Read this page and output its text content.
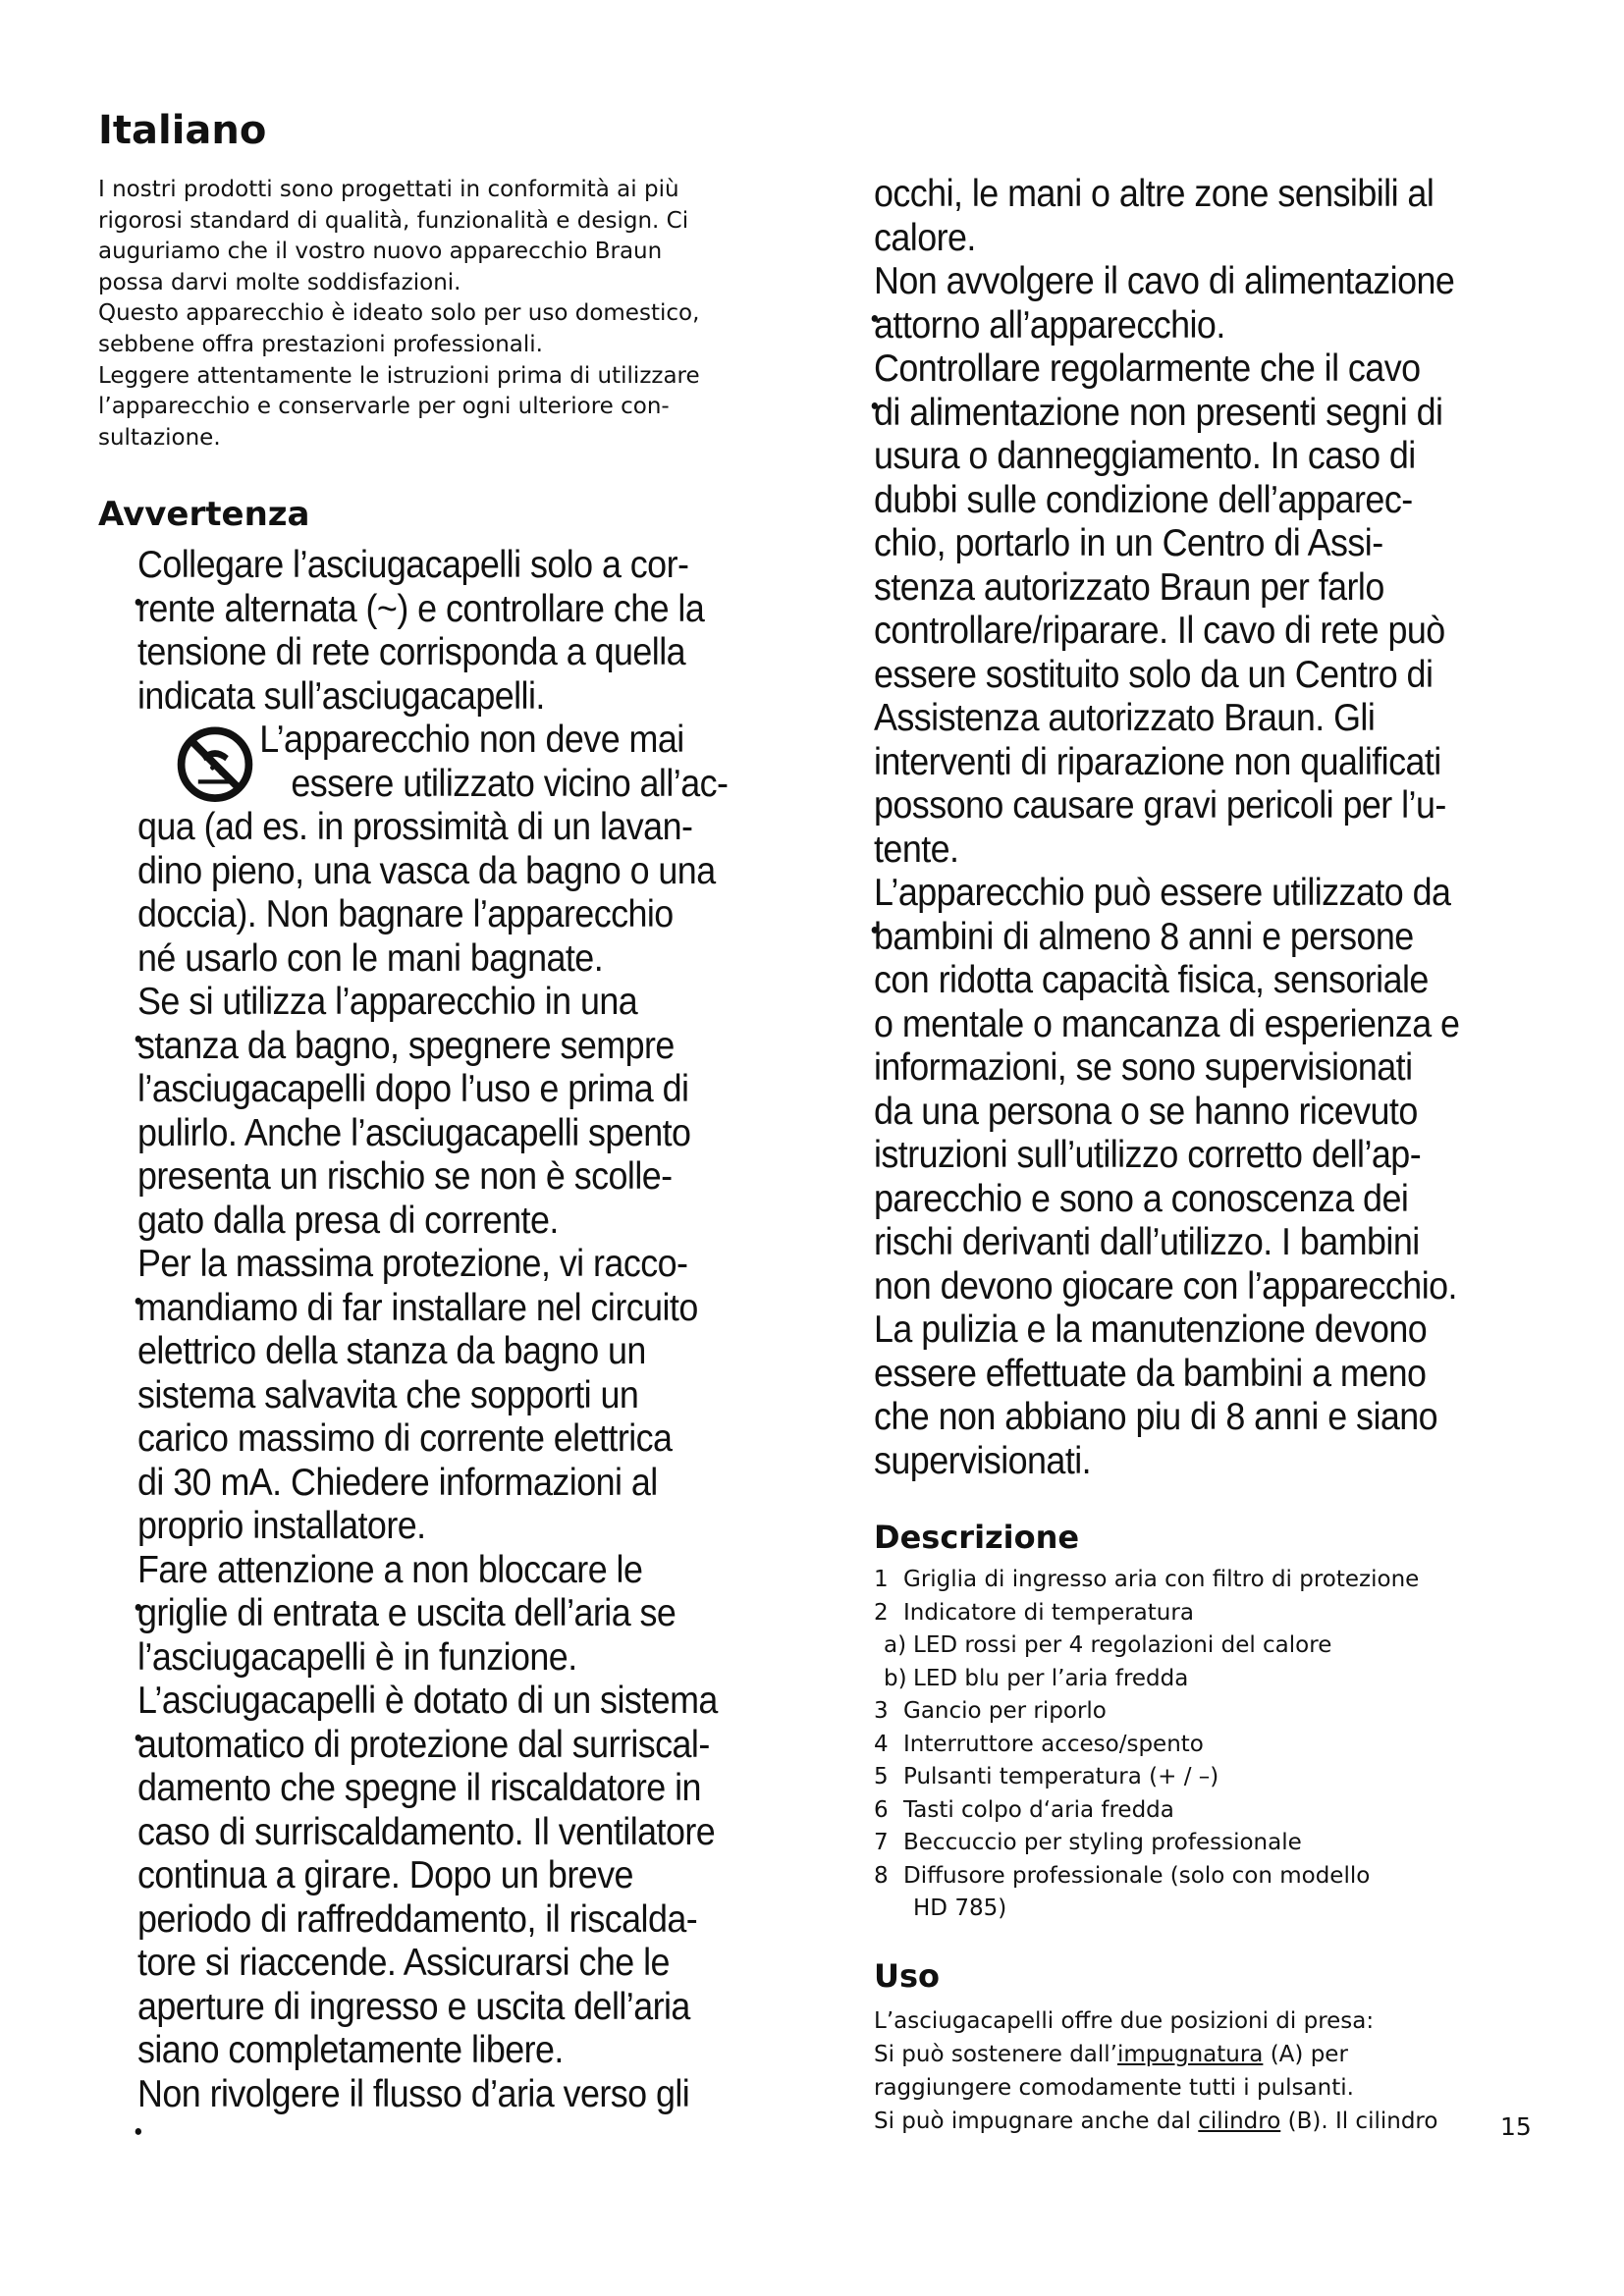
Italiano

I nostri prodotti sono progettati in conformità ai più

rigorosi standard di qualità, funzionalità e design. Ci

auguriamo che il vostro nuovo apparecchio Braun

possa darvi molte soddisfazioni.

Questo apparecchio è ideato solo per uso domestico,

sebbene offra prestazioni professionali.

Leggere attentamente le istruzioni prima di utilizzare

l’apparecchio e conservarle per ogni ulteriore con-

sultazione.

Avvertenza

Collegare l’asciugacapelli solo a cor-

rente alternata (~) e controllare che la

tensione di rete corrisponda a quella

indicata sull’asciugacapelli.

L’apparecchio non deve mai

essere utilizzato vicino all’ac-

qua (ad es. in prossimità di un lavan-

dino pieno, una vasca da bagno o una

doccia). Non bagnare l’apparecchio

né usarlo con le mani bagnate.

Se si utilizza l’apparecchio in una

stanza da bagno, spegnere sempre

l’asciugacapelli dopo l’uso e prima di

pulirlo. Anche l’asciugacapelli spento

presenta un rischio se non è scolle-

gato dalla presa di corrente.

Per la massima protezione, vi racco-

mandiamo di far installare nel circuito

elettrico della stanza da bagno un

sistema salvavita che sopporti un

carico massimo di corrente elettrica

di 30 mA. Chiedere informazioni al

proprio installatore.

Fare attenzione a non bloccare le

griglie di entrata e uscita dell’aria se

l’asciugacapelli è in funzione.

L’asciugacapelli è dotato di un sistema

automatico di protezione dal surriscal-

damento che spegne il riscaldatore in

caso di surriscaldamento. Il ventilatore

continua a girare. Dopo un breve

periodo di raffreddamento, il riscalda-

tore si riaccende. Assicurarsi che le

aperture di ingresso e uscita dell’aria

siano completamente libere.

Non rivolgere il flusso d’aria verso gli

occhi, le mani o altre zone sensibili al

calore.

Non avvolgere il cavo di alimentazione

attorno all’apparecchio.

Controllare regolarmente che il cavo

di alimentazione non presenti segni di

usura o danneggiamento. In caso di

dubbi sulle condizione dell’apparec-

chio, portarlo in un Centro di Assi-

stenza autorizzato Braun per farlo

controllare/riparare. Il cavo di rete può

essere sostituito solo da un Centro di

Assistenza autorizzato Braun. Gli

interventi di riparazione non qualificati

possono causare gravi pericoli per l’u-

tente.

L’apparecchio può essere utilizzato da

bambini di almeno 8 anni e persone

con ridotta capacità fisica, sensoriale

o mentale o mancanza di esperienza e

informazioni, se sono supervisionati

da una persona o se hanno ricevuto

istruzioni sull’utilizzo corretto dell’ap-

parecchio e sono a conoscenza dei

rischi derivanti dall’utilizzo. I bambini

non devono giocare con l’apparecchio.

La pulizia e la manutenzione devono

essere effettuate da bambini a meno

che non abbiano piu di 8 anni e siano

supervisionati.

Descrizione
1 Griglia di ingresso aria con filtro di protezione
2 Indicatore di temperatura
a) LED rossi per 4 regolazioni del calore
b) LED blu per l’aria fredda
3 Gancio per riporlo
4 Interruttore acceso/spento
5 Pulsanti temperatura (+ / –)
6 Tasti colpo d‘aria fredda
7 Beccuccio per styling professionale
8 Diffusore professionale (solo con modello
HD 785)
Uso

L’asciugacapelli offre due posizioni di presa:

Si può sostenere dall’impugnatura (A) per

raggiungere comodamente tutti i pulsanti.

Si può impugnare anche dal cilindro (B). Il cilindro	15
